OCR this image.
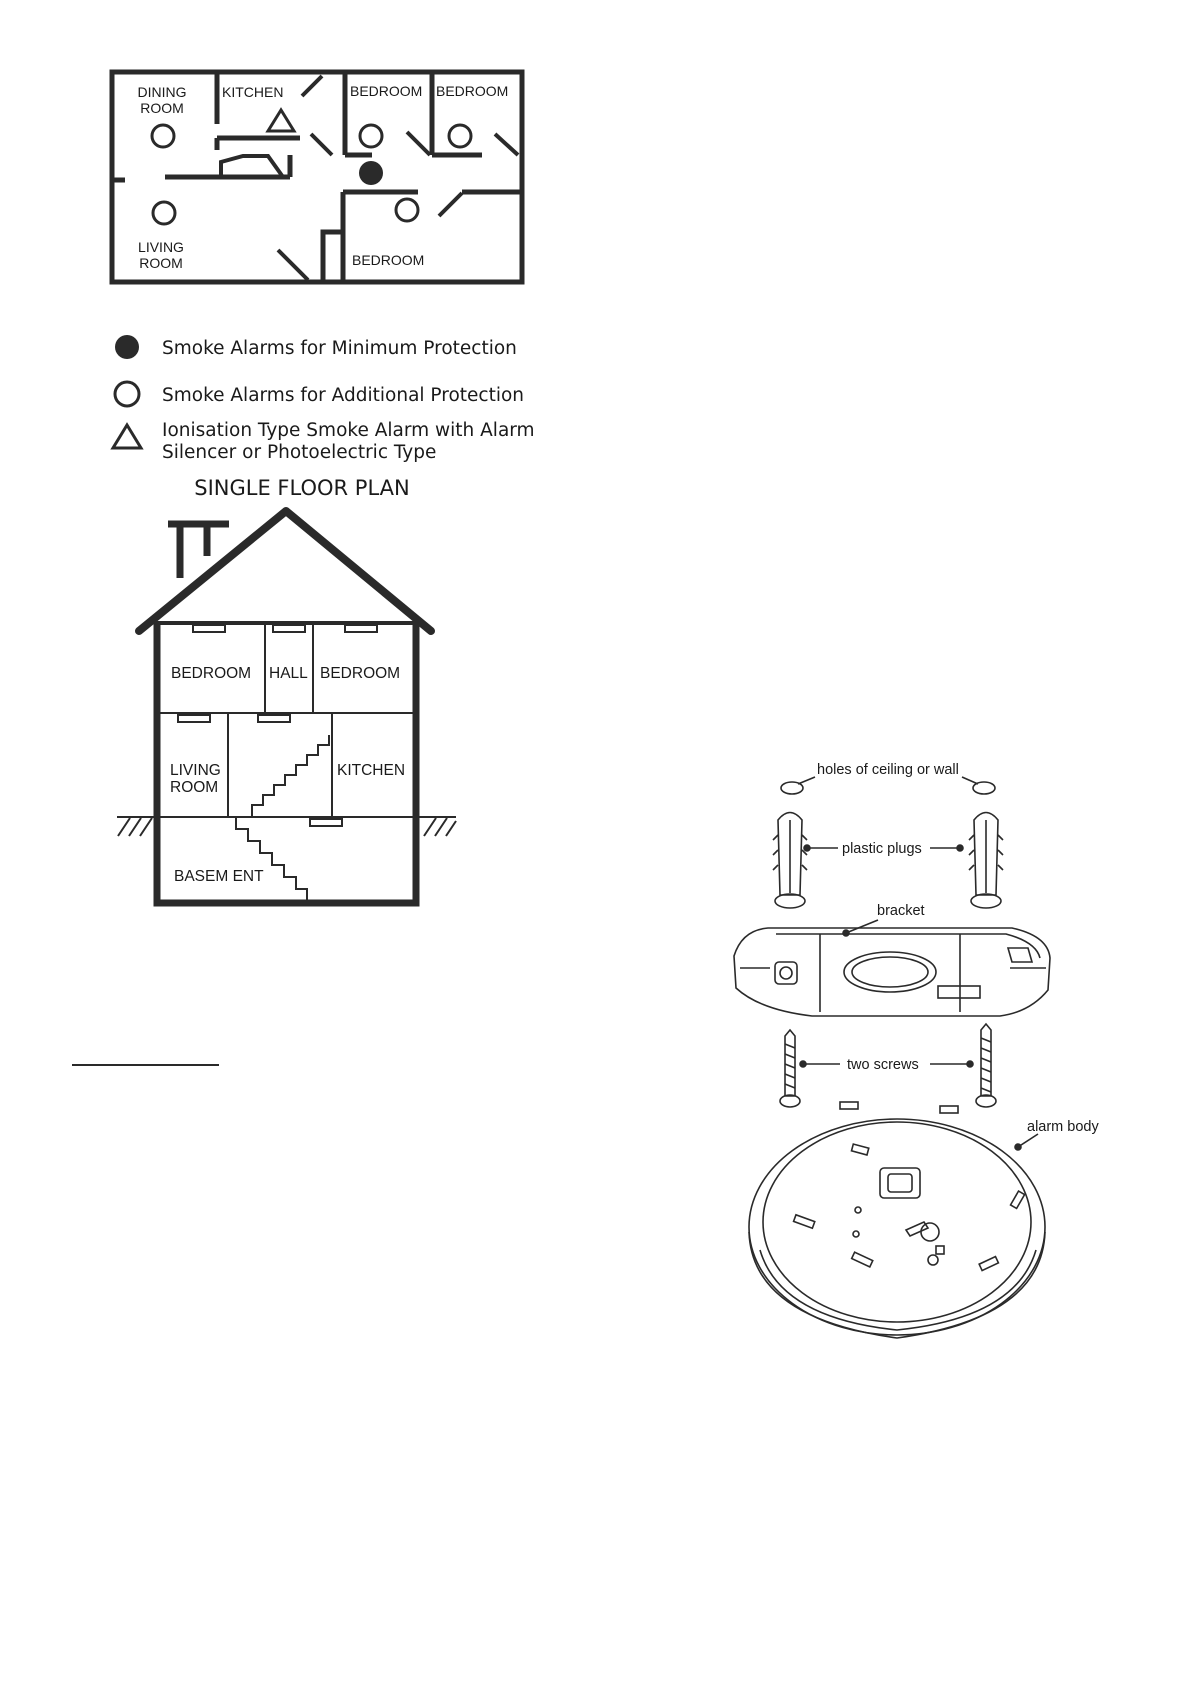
DINING
ROOM
KITCHEN	BEDROOM BEDROOM
LIVING
ROOM	BEDROOM
Smoke Alarms for Minimum Protection
Smoke Alarms for Additional Protection
Ionisation Type Smoke Alarm with Alarm
Silencer or Photoelectric Type
SINGLE FLOOR PLAN
BEDROOM HALL BEDROOM
LIVING
ROOM
KITCHEN
BASEM ENT
holes of ceiling or wall
plastic plugs
bracket
two screws
alarm body
